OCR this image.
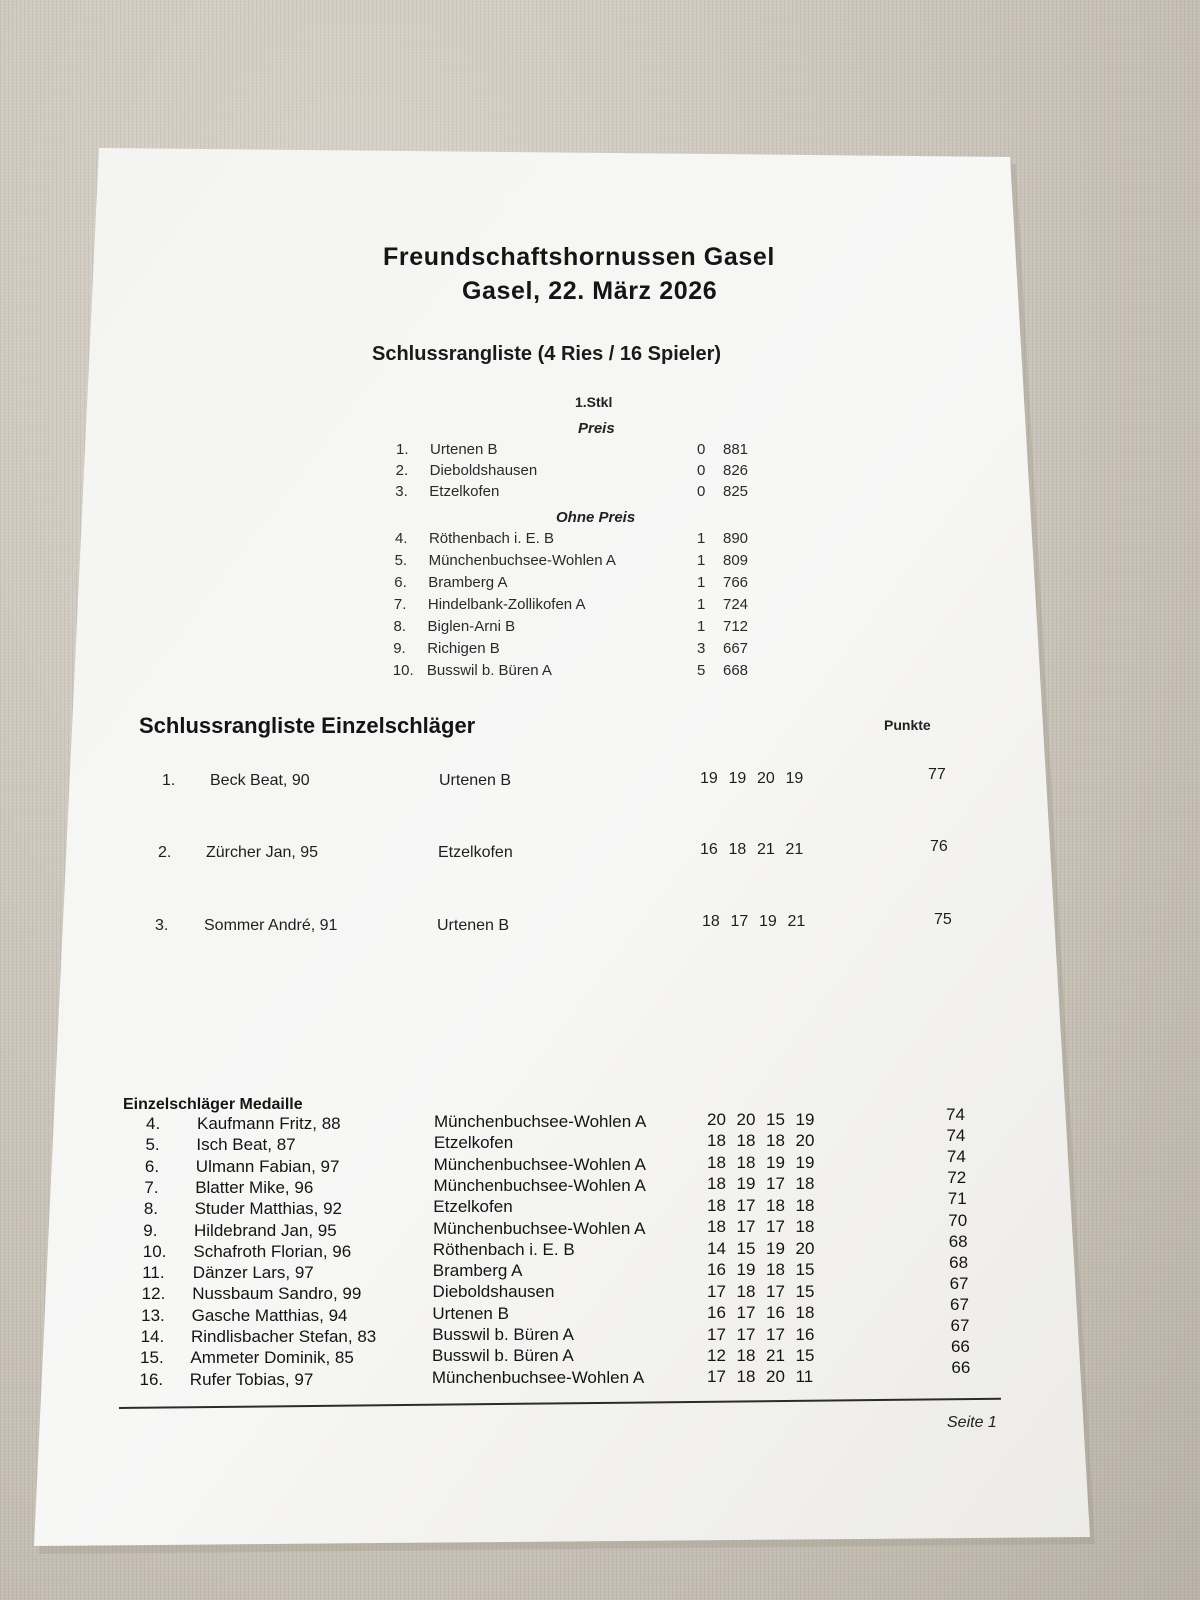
Freundschaftshornussen Gasel
Gasel, 22. März 2026
Schlussrangliste (4 Ries / 16 Spieler)
1.Stkl
Preis
Ohne Preis
1. Urtenen B	0 881
2. Dieboldshausen	0 826
3. Etzelkofen	0 825
4. Röthenbach i. E. B	1 890
5. Münchenbuchsee-Wohlen A	1 809
6. Bramberg A	1 766
7. Hindelbank-Zollikofen A	1 724
8. Biglen-Arni B	1 712
9. Richigen B	3 667
10. Busswil b. Büren A	5 668
Schlussrangliste Einzelschläger	Punkte
1. Beck Beat, 90	Urtenen B	19 19 20 19	77
2. Zürcher Jan, 95	Etzelkofen	16 18 21 21	76
3. Sommer André, 91	Urtenen B	18 17 19 21	75
Einzelschläger Medaille
4. Kaufmann Fritz, 88	Münchenbuchsee-Wohlen A	20 20 15 19	74
5. Isch Beat, 87	Etzelkofen	18 18 18 20	74
6. Ulmann Fabian, 97	Münchenbuchsee-Wohlen A	18 18 19 19	74
7. Blatter Mike, 96	Münchenbuchsee-Wohlen A	18 19 17 18	72
8. Studer Matthias, 92	Etzelkofen	18 17 18 18	71
9. Hildebrand Jan, 95	Münchenbuchsee-Wohlen A	18 17 17 18	70
10. Schafroth Florian, 96	Röthenbach i. E. B	14 15 19 20	68
11. Dänzer Lars, 97	Bramberg A	16 19 18 15	68
12. Nussbaum Sandro, 99	Dieboldshausen	17 18 17 15	67
13. Gasche Matthias, 94	Urtenen B	16 17 16 18	67
14. Rindlisbacher Stefan, 83	Busswil b. Büren A	17 17 17 16	67
15. Ammeter Dominik, 85	Busswil b. Büren A	12 18 21 15	66
16. Rufer Tobias, 97	Münchenbuchsee-Wohlen A	17 18 20 11	66
Seite 1
